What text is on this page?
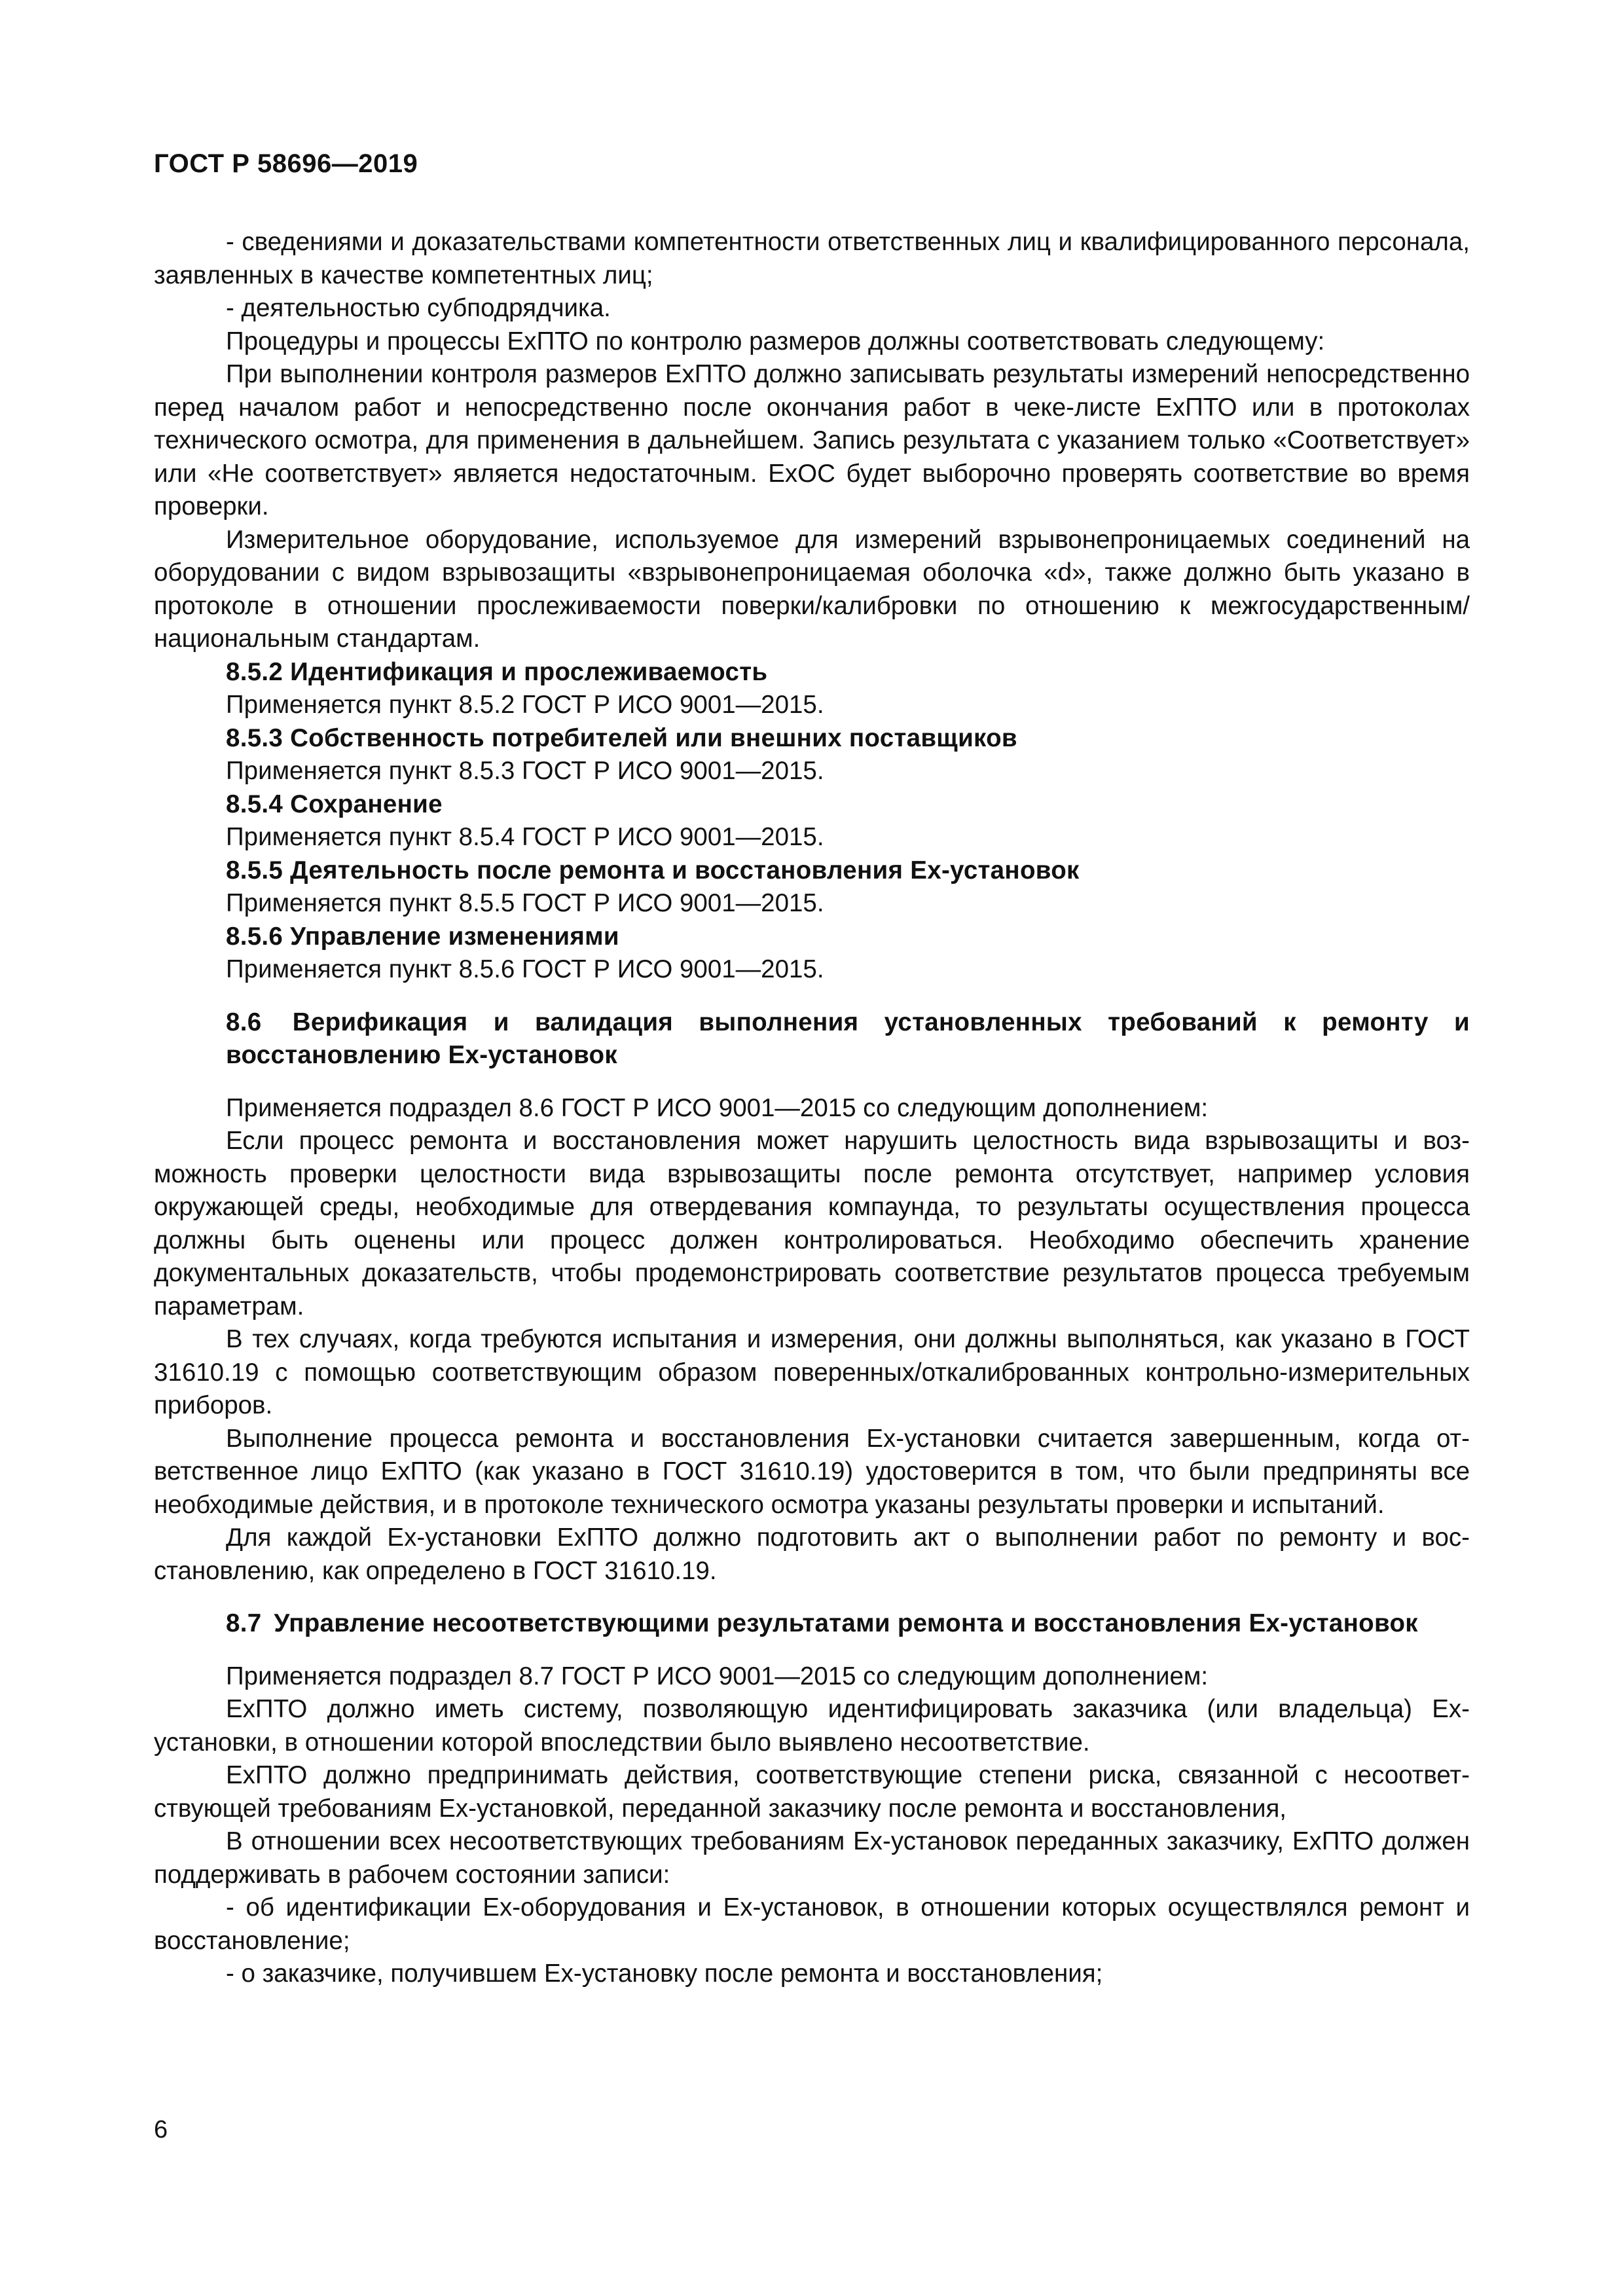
ГОСТ Р 58696—2019

- сведениями и доказательствами компетентности ответственных лиц и квалифицированного персонала, заявленных в качестве компетентных лиц;

- деятельностью субподрядчика.

Процедуры и процессы ExПТО по контролю размеров должны соответствовать следующему:

При выполнении контроля размеров ExПТО должно записывать результаты измерений непосредственно перед началом работ и непосредственно после окончания работ в чеке-листе ExПТО или в протоколах технического осмотра, для применения в дальнейшем. Запись результата с указанием только «Соответствует» или «Не соответствует» является недостаточным. ExОС будет выборочно проверять соответствие во время проверки.

Измерительное оборудование, используемое для измерений взрывонепроницаемых соединений на оборудовании с видом взрывозащиты «взрывонепроницаемая оболочка «d», также должно быть указано в протоколе в отношении прослеживаемости поверки/калибровки по отношению к межгосударственным/национальным стандартам.

8.5.2 Идентификация и прослеживаемость

Применяется пункт 8.5.2 ГОСТ Р ИСО 9001—2015.

8.5.3 Собственность потребителей или внешних поставщиков

Применяется пункт 8.5.3 ГОСТ Р ИСО 9001—2015.

8.5.4 Сохранение

Применяется пункт 8.5.4 ГОСТ Р ИСО 9001—2015.

8.5.5 Деятельность после ремонта и восстановления Ex-установок

Применяется пункт 8.5.5 ГОСТ Р ИСО 9001—2015.

8.5.6 Управление изменениями

Применяется пункт 8.5.6 ГОСТ Р ИСО 9001—2015.

8.6 Верификация и валидация выполнения установленных требований к ремонту и восстановлению Ex-установок

Применяется подраздел 8.6 ГОСТ Р ИСО 9001—2015 со следующим дополнением:

Если процесс ремонта и восстановления может нарушить целостность вида взрывозащиты и возможность проверки целостности вида взрывозащиты после ремонта отсутствует, например условия окружающей среды, необходимые для отвердевания компаунда, то результаты осуществления процесса должны быть оценены или процесс должен контролироваться. Необходимо обеспечить хранение документальных доказательств, чтобы продемонстрировать соответствие результатов процесса требуемым параметрам.

В тех случаях, когда требуются испытания и измерения, они должны выполняться, как указано в ГОСТ 31610.19 с помощью соответствующим образом поверенных/откалиброванных контрольно-измерительных приборов.

Выполнение процесса ремонта и восстановления Ex-установки считается завершенным, когда ответственное лицо ExПТО (как указано в ГОСТ 31610.19) удостоверится в том, что были предприняты все необходимые действия, и в протоколе технического осмотра указаны результаты проверки и испытаний.

Для каждой Ex-установки ExПТО должно подготовить акт о выполнении работ по ремонту и восстановлению, как определено в ГОСТ 31610.19.

8.7 Управление несоответствующими результатами ремонта и восстановления Ex-установок

Применяется подраздел 8.7 ГОСТ Р ИСО 9001—2015 со следующим дополнением:

ExПТО должно иметь систему, позволяющую идентифицировать заказчика (или владельца) Ex-установки, в отношении которой впоследствии было выявлено несоответствие.

ExПТО должно предпринимать действия, соответствующие степени риска, связанной с несоответствующей требованиям Ex-установкой, переданной заказчику после ремонта и восстановления,

В отношении всех несоответствующих требованиям Ex-установок переданных заказчику, ExПТО должен поддерживать в рабочем состоянии записи:

- об идентификации Ex-оборудования и Ex-установок, в отношении которых осуществлялся ремонт и восстановление;

- о заказчике, получившем Ex-установку после ремонта и восстановления;

6
